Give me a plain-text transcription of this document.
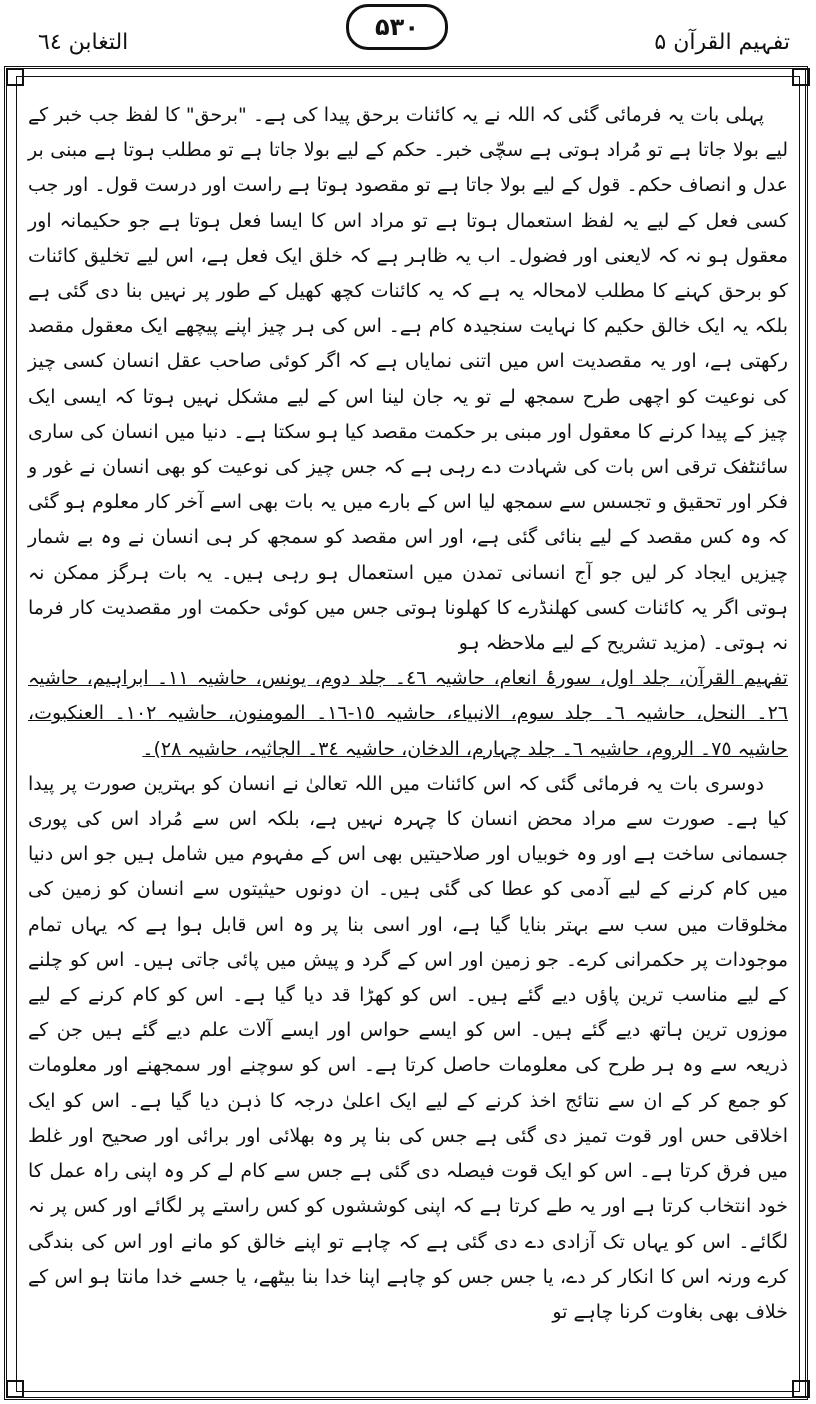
التغابن ٦٤
۵۳۰
تفہیم القرآن ۵

پہلی بات یہ فرمائی گئی کہ اللہ نے یہ کائنات برحق پیدا کی ہے۔ "برحق" کا لفظ جب خبر کے لیے بولا جاتا ہے تو مُراد ہوتی ہے سچّی خبر۔ حکم کے لیے بولا جاتا ہے تو مطلب ہوتا ہے مبنی بر عدل و انصاف حکم۔ قول کے لیے بولا جاتا ہے تو مقصود ہوتا ہے راست اور درست قول۔ اور جب کسی فعل کے لیے یہ لفظ استعمال ہوتا ہے تو مراد اس کا ایسا فعل ہوتا ہے جو حکیمانہ اور معقول ہو نہ کہ لایعنی اور فضول۔ اب یہ ظاہر ہے کہ خلق ایک فعل ہے، اس لیے تخلیق کائنات کو برحق کہنے کا مطلب لامحالہ یہ ہے کہ یہ کائنات کچھ کھیل کے طور پر نہیں بنا دی گئی ہے بلکہ یہ ایک خالق حکیم کا نہایت سنجیدہ کام ہے۔ اس کی ہر چیز اپنے پیچھے ایک معقول مقصد رکھتی ہے، اور یہ مقصدیت اس میں اتنی نمایاں ہے کہ اگر کوئی صاحب عقل انسان کسی چیز کی نوعیت کو اچھی طرح سمجھ لے تو یہ جان لینا اس کے لیے مشکل نہیں ہوتا کہ ایسی ایک چیز کے پیدا کرنے کا معقول اور مبنی بر حکمت مقصد کیا ہو سکتا ہے۔ دنیا میں انسان کی ساری سائنٹفک ترقی اس بات کی شہادت دے رہی ہے کہ جس چیز کی نوعیت کو بھی انسان نے غور و فکر اور تحقیق و تجسس سے سمجھ لیا اس کے بارے میں یہ بات بھی اسے آخر کار معلوم ہو گئی کہ وہ کس مقصد کے لیے بنائی گئی ہے، اور اس مقصد کو سمجھ کر ہی انسان نے وہ بے شمار چیزیں ایجاد کر لیں جو آج انسانی تمدن میں استعمال ہو رہی ہیں۔ یہ بات ہرگز ممکن نہ ہوتی اگر یہ کائنات کسی کھلنڈرے کا کھلونا ہوتی جس میں کوئی حکمت اور مقصدیت کار فرما نہ ہوتی۔ (مزید تشریح کے لیے ملاحظہ ہو

تفہیم القرآن، جلد اول، سورۂ انعام، حاشیہ ٤٦۔ جلد دوم، یونس، حاشیہ ١١۔ ابراہیم، حاشیہ ٢٦۔ النحل، حاشیہ ٦۔ جلد سوم، الانبیاء، حاشیہ ١٥-١٦۔ المومنون، حاشیہ ١٠٢۔ العنکبوت، حاشیہ ٧٥۔ الروم، حاشیہ ٦۔ جلد چہارم، الدخان، حاشیہ ٣٤۔ الجاثیہ، حاشیہ ٢٨)۔

دوسری بات یہ فرمائی گئی کہ اس کائنات میں اللہ تعالیٰ نے انسان کو بہترین صورت پر پیدا کیا ہے۔ صورت سے مراد محض انسان کا چہرہ نہیں ہے، بلکہ اس سے مُراد اس کی پوری جسمانی ساخت ہے اور وہ خوبیاں اور صلاحیتیں بھی اس کے مفہوم میں شامل ہیں جو اس دنیا میں کام کرنے کے لیے آدمی کو عطا کی گئی ہیں۔ ان دونوں حیثیتوں سے انسان کو زمین کی مخلوقات میں سب سے بہتر بنایا گیا ہے، اور اسی بنا پر وہ اس قابل ہوا ہے کہ یہاں تمام موجودات پر حکمرانی کرے۔ جو زمین اور اس کے گرد و پیش میں پائی جاتی ہیں۔ اس کو چلنے کے لیے مناسب ترین پاؤں دیے گئے ہیں۔ اس کو کھڑا قد دیا گیا ہے۔ اس کو کام کرنے کے لیے موزوں ترین ہاتھ دیے گئے ہیں۔ اس کو ایسے حواس اور ایسے آلات علم دیے گئے ہیں جن کے ذریعہ سے وہ ہر طرح کی معلومات حاصل کرتا ہے۔ اس کو سوچنے اور سمجھنے اور معلومات کو جمع کر کے ان سے نتائج اخذ کرنے کے لیے ایک اعلیٰ درجہ کا ذہن دیا گیا ہے۔ اس کو ایک اخلاقی حس اور قوت تمیز دی گئی ہے جس کی بنا پر وہ بھلائی اور برائی اور صحیح اور غلط میں فرق کرتا ہے۔ اس کو ایک قوت فیصلہ دی گئی ہے جس سے کام لے کر وہ اپنی راہ عمل کا خود انتخاب کرتا ہے اور یہ طے کرتا ہے کہ اپنی کوششوں کو کس راستے پر لگائے اور کس پر نہ لگائے۔ اس کو یہاں تک آزادی دے دی گئی ہے کہ چاہے تو اپنے خالق کو مانے اور اس کی بندگی کرے ورنہ اس کا انکار کر دے، یا جس جس کو چاہے اپنا خدا بنا بیٹھے، یا جسے خدا مانتا ہو اس کے خلاف بھی بغاوت کرنا چاہے تو
